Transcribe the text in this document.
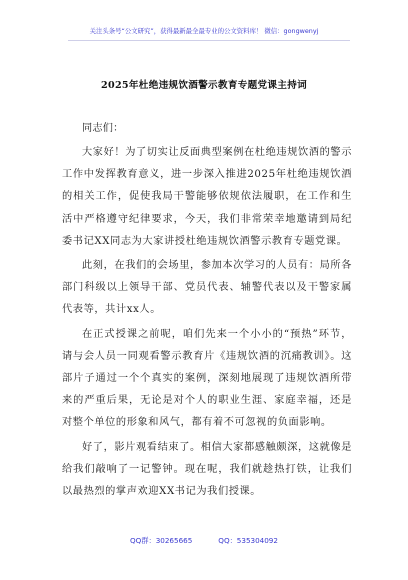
关注头条号“公文研究”，获得最新最全最专业的公文资料库！ 微信：gongwenyj
2025年杜绝违规饮酒警示教育专题党课主持词

同志们：

大家好！为了切实让反面典型案例在杜绝违规饮酒的警示工作中发挥教育意义，进一步深入推进2025年杜绝违规饮酒的相关工作，促使我局干警能够依规依法履职，在工作和生活中严格遵守纪律要求，今天，我们非常荣幸地邀请到局纪委书记XX同志为大家讲授杜绝违规饮酒警示教育专题党课。

此刻，在我们的会场里，参加本次学习的人员有：局所各部门科级以上领导干部、党员代表、辅警代表以及干警家属代表等，共计xx人。

在正式授课之前呢，咱们先来一个小小的“预热”环节，请与会人员一同观看警示教育片《违规饮酒的沉痛教训》。这部片子通过一个个真实的案例，深刻地展现了违规饮酒所带来的严重后果，无论是对个人的职业生涯、家庭幸福，还是对整个单位的形象和风气，都有着不可忽视的负面影响。

好了，影片观看结束了。相信大家都感触颇深，这就像是给我们敲响了一记警钟。现在呢，我们就趁热打铁，让我们以最热烈的掌声欢迎XX书记为我们授课。

QQ群：30265665	QQ：535304092
